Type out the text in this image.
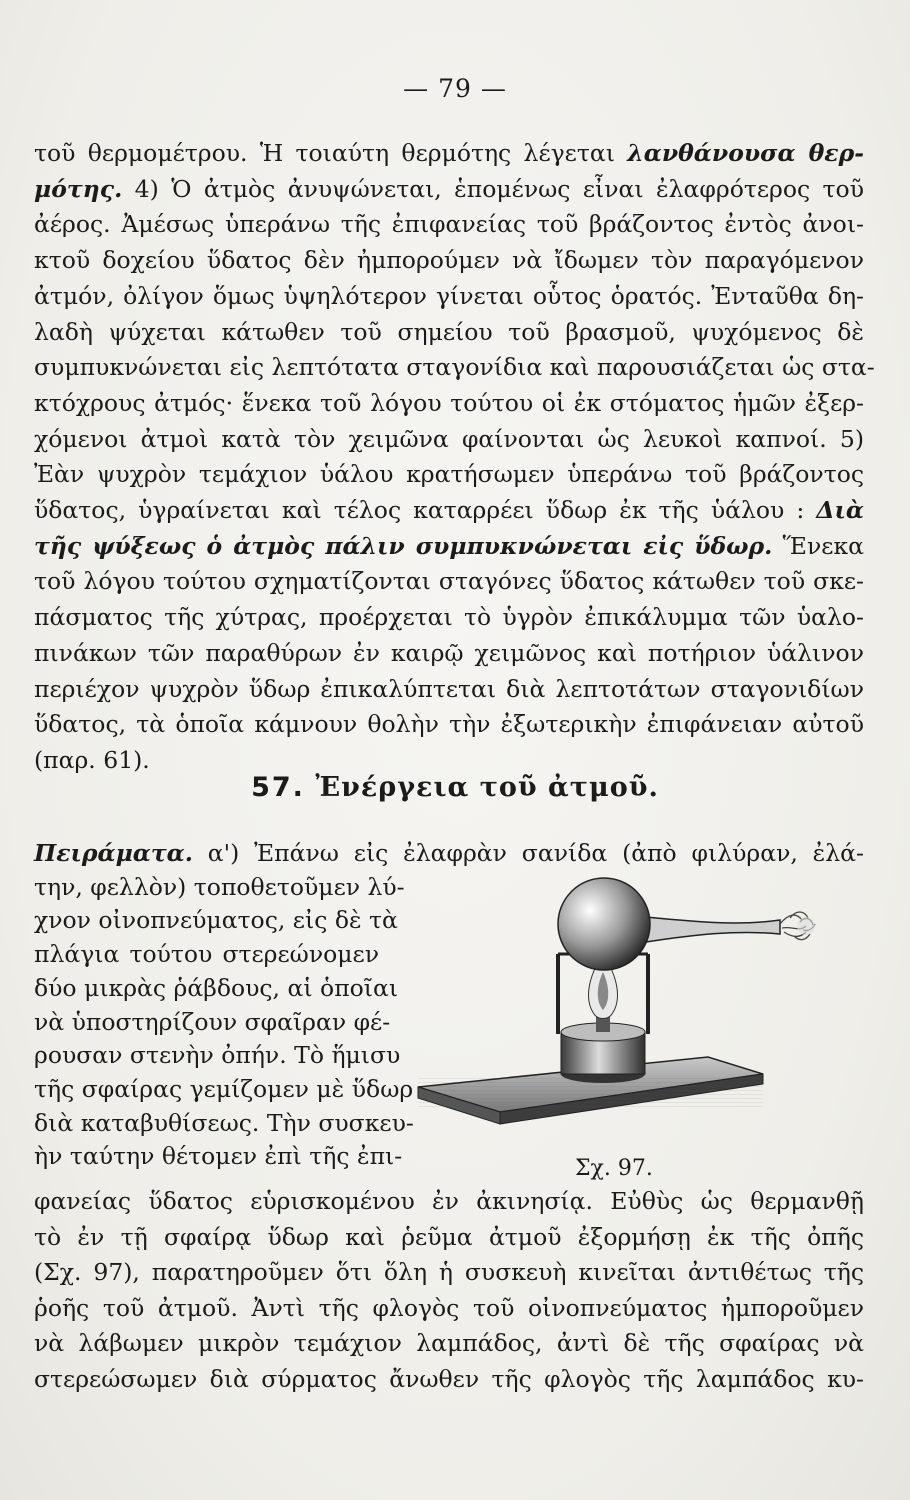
— 79 —
τοῦ θερμομέτρου. Ἡ τοιαύτη θερμότης λέγεται λανθάνουσα θερ-
μότης. 4) Ὁ ἀτμὸς ἀνυψώνεται, ἑπομένως εἶναι ἐλαφρότερος τοῦ
ἀέρος. Ἀμέσως ὑπεράνω τῆς ἐπιφανείας τοῦ βράζοντος ἐντὸς ἀνοι-
κτοῦ δοχείου ὕδατος δὲν ἠμπορούμεν νὰ ἴδωμεν τὸν παραγόμενον
ἀτμόν, ὀλίγον ὅμως ὑψηλότερον γίνεται οὗτος ὁρατός. Ἐνταῦθα δη-
λαδὴ ψύχεται κάτωθεν τοῦ σημείου τοῦ βρασμοῦ, ψυχόμενος δὲ
συμπυκνώνεται εἰς λεπτότατα σταγονίδια καὶ παρουσιάζεται ὡς στα-
κτόχρους ἀτμός· ἕνεκα τοῦ λόγου τούτου οἱ ἐκ στόματος ἡμῶν ἐξερ-
χόμενοι ἀτμοὶ κατὰ τὸν χειμῶνα φαίνονται ὡς λευκοὶ καπνοί. 5)
Ἐὰν ψυχρὸν τεμάχιον ὑάλου κρατήσωμεν ὑπεράνω τοῦ βράζοντος
ὕδατος, ὑγραίνεται καὶ τέλος καταρρέει ὕδωρ ἐκ τῆς ὑάλου : Διὰ
τῆς ψύξεως ὁ ἀτμὸς πάλιν συμπυκνώνεται εἰς ὕδωρ. Ἕνεκα
τοῦ λόγου τούτου σχηματίζονται σταγόνες ὕδατος κάτωθεν τοῦ σκε-
πάσματος τῆς χύτρας, προέρχεται τὸ ὑγρὸν ἐπικάλυμμα τῶν ὑαλο-
πινάκων τῶν παραθύρων ἐν καιρῷ χειμῶνος καὶ ποτήριον ὑάλινον
περιέχον ψυχρὸν ὕδωρ ἐπικαλύπτεται διὰ λεπτοτάτων σταγονιδίων
ὕδατος, τὰ ὁποῖα κάμνουν θολὴν τὴν ἐξωτερικὴν ἐπιφάνειαν αὐτοῦ
(παρ. 61).
57. Ἐνέργεια τοῦ ἀτμοῦ.
Πειράματα. α') Ἐπάνω εἰς ἐλαφρὰν σανίδα (ἀπὸ φιλύραν, ἐλά-
την, φελλὸν) τοποθετοῦμεν λύ-
χνον οἰνοπνεύματος, εἰς δὲ τὰ
πλάγια τούτου στερεώνομεν
δύο μικρὰς ῥάβδους, αἱ ὁποῖαι
νὰ ὑποστηρίζουν σφαῖραν φέ-
ρουσαν στενὴν ὀπήν. Τὸ ἥμισυ
τῆς σφαίρας γεμίζομεν μὲ ὕδωρ
διὰ καταβυθίσεως. Τὴν συσκευ-
ὴν ταύτην θέτομεν ἐπὶ τῆς ἐπι-	Σχ. 97.
φανείας ὕδατος εὑρισκομένου ἐν ἀκινησίᾳ. Εὐθὺς ὡς θερμανθῇ
τὸ ἐν τῇ σφαίρᾳ ὕδωρ καὶ ῥεῦμα ἀτμοῦ ἐξορμήσῃ ἐκ τῆς ὀπῆς
(Σχ. 97), παρατηροῦμεν ὅτι ὅλη ἡ συσκευὴ κινεῖται ἀντιθέτως τῆς
ῥοῆς τοῦ ἀτμοῦ. Ἀντὶ τῆς φλογὸς τοῦ οἰνοπνεύματος ἠμποροῦμεν
νὰ λάβωμεν μικρὸν τεμάχιον λαμπάδος, ἀντὶ δὲ τῆς σφαίρας νὰ
στερεώσωμεν διὰ σύρματος ἄνωθεν τῆς φλογὸς τῆς λαμπάδος κυ-
